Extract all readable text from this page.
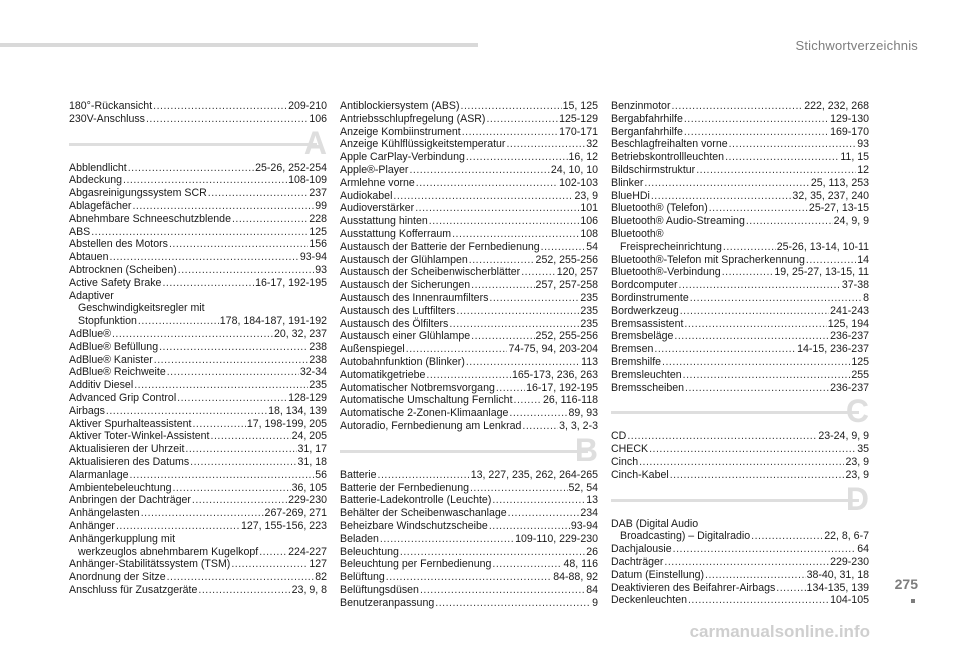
Stichwortverzeichnis
180°-Rückansicht .....	209-210
230V-Anschluss .....	106
A
Abblendlicht .....	25-26, 252-254
Abdeckung .....	108-109
Abgasreinigungssystem SCR .....	237
Ablagefächer .....	99
Abnehmbare Schneeschutzblende .....	228
ABS .....	125
Abstellen des Motors .....	156
Abtauen .....	93-94
Abtrocknen (Scheiben) .....	93
Active Safety Brake .....	16-17, 192-195
Adaptiver
Geschwindigkeitsregler mit
Stopfunktion .....	178, 184-187, 191-192
AdBlue® .....	20, 32, 237
AdBlue® Befüllung .....	238
AdBlue® Kanister .....	238
AdBlue® Reichweite .....	32-34
Additiv Diesel .....	235
Advanced Grip Control .....	128-129
Airbags .....	18, 134, 139
Aktiver Spurhalteassistent .....	17, 198-199, 205
Aktiver Toter-Winkel-Assistent .....	24, 205
Aktualisieren der Uhrzeit .....	31, 17
Aktualisieren des Datums .....	31, 18
Alarmanlage .....	56
Ambientebeleuchtung .....	36, 105
Anbringen der Dachträger .....	229-230
Anhängelasten .....	267-269, 271
Anhänger .....	127, 155-156, 223
Anhängerkupplung mit
werkzeuglos abnehmbarem Kugelkopf .....	224-227
Anhänger-Stabilitätssystem (TSM) .....	127
Anordnung der Sitze .....	82
Anschluss für Zusatzgeräte .....	23, 9, 8
Antiblockiersystem (ABS) .....	15, 125
Antriebsschlupfregelung (ASR) .....	125-129
Anzeige Kombiinstrument .....	170-171
Anzeige Kühlflüssigkeitstemperatur .....	32
Apple CarPlay-Verbindung .....	16, 12
Apple®-Player .....	24, 10, 10
Armlehne vorne .....	102-103
Audiokabel .....	23, 9
Audioverstärker .....	101
Ausstattung hinten .....	106
Ausstattung Kofferraum .....	108
Austausch der Batterie der Fernbedienung .....	54
Austausch der Glühlampen .....	252, 255-256
Austausch der Scheibenwischerblätter .....	120, 257
Austausch der Sicherungen .....	257, 257-258
Austausch des Innenraumfilters .....	235
Austausch des Luftfilters .....	235
Austausch des Ölfilters .....	235
Austausch einer Glühlampe .....	252, 255-256
Außenspiegel .....	74-75, 94, 203-204
Autobahnfunktion (Blinker) .....	113
Automatikgetriebe .....	165-173, 236, 263
Automatischer Notbremsvorgang .....	16-17, 192-195
Automatische Umschaltung Fernlicht .....	26, 116-118
Automatische 2-Zonen-Klimaanlage .....	89, 93
Autoradio, Fernbedienung am Lenkrad .....	3, 3, 2-3
B
Batterie .....	13, 227, 235, 262, 264-265
Batterie der Fernbedienung .....	52, 54
Batterie-Ladekontrolle (Leuchte) .....	13
Behälter der Scheibenwaschanlage .....	234
Beheizbare Windschutzscheibe .....	93-94
Beladen .....	109-110, 229-230
Beleuchtung .....	26
Beleuchtung per Fernbedienung .....	48, 116
Belüftung .....	84-88, 92
Belüftungsdüsen .....	84
Benutzeranpassung .....	9
Benzinmotor .....	222, 232, 268
Bergabfahrhilfe .....	129-130
Berganfahrhilfe .....	169-170
Beschlagfreihalten vorne .....	93
Betriebskontrollleuchten .....	11, 15
Bildschirmstruktur .....	12
Blinker .....	25, 113, 253
BlueHDi .....	32, 35, 237, 240
Bluetooth® (Telefon) .....	25-27, 13-15
Bluetooth® Audio-Streaming .....	24, 9, 9
Bluetooth®
Freisprecheinrichtung .....	25-26, 13-14, 10-11
Bluetooth®-Telefon mit Spracherkennung .....	14
Bluetooth®-Verbindung .....	19, 25-27, 13-15, 11
Bordcomputer .....	37-38
Bordinstrumente .....	8
Bordwerkzeug .....	241-243
Bremsassistent .....	125, 194
Bremsbeläge .....	236-237
Bremsen .....	14-15, 236-237
Bremshilfe .....	125
Bremsleuchten .....	255
Bremsscheiben .....	236-237
C
CD .....	23-24, 9, 9
CHECK .....	35
Cinch .....	23, 9
Cinch-Kabel .....	23, 9
D
DAB (Digital Audio
Broadcasting) – Digitalradio .....	22, 8, 6-7
Dachjalousie .....	64
Dachträger .....	229-230
Datum (Einstellung) .....	38-40, 31, 18
Deaktivieren des Beifahrer-Airbags .....	134-135, 139
Deckenleuchten .....	104-105
275
carmanualsonline.info
